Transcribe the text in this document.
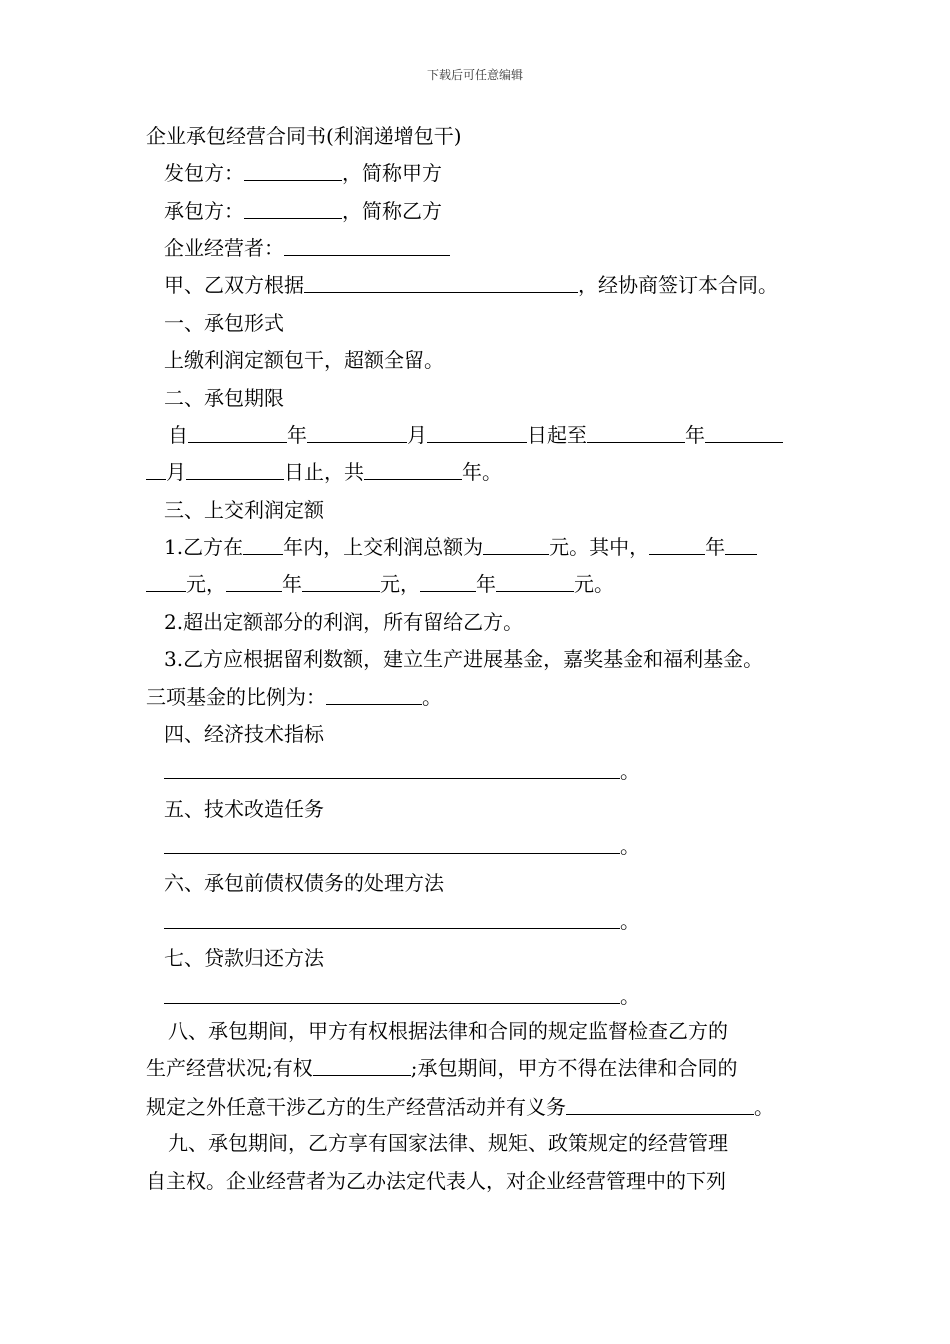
下载后可任意编辑
企业承包经营合同书(利润递增包干)
发包方：	，简称甲方
承包方：	，简称乙方
企业经营者：
甲、乙双方根据	，经协商签订本合同。
一、承包形式
上缴利润定额包干，超额全留。
二、承包期限
自	年	月	日起至	年
月	日止，共	年。
三、上交利润定额
1.乙方在 年内，上交利润总额为	元。其中，	年
元，	年	元，	年	元。
2.超出定额部分的利润，所有留给乙方。
3.乙方应根据留利数额，建立生产进展基金，嘉奖基金和福利基金。
三项基金的比例为：	。
四、经济技术指标
。
五、技术改造任务
。
六、承包前债权债务的处理方法
。
七、贷款归还方法
。
八、承包期间，甲方有权根据法律和合同的规定监督检查乙方的
生产经营状况;有权	;承包期间，甲方不得在法律和合同的
规定之外任意干涉乙方的生产经营活动并有义务	。
九、承包期间，乙方享有国家法律、规矩、政策规定的经营管理
自主权。企业经营者为乙办法定代表人，对企业经营管理中的下列
